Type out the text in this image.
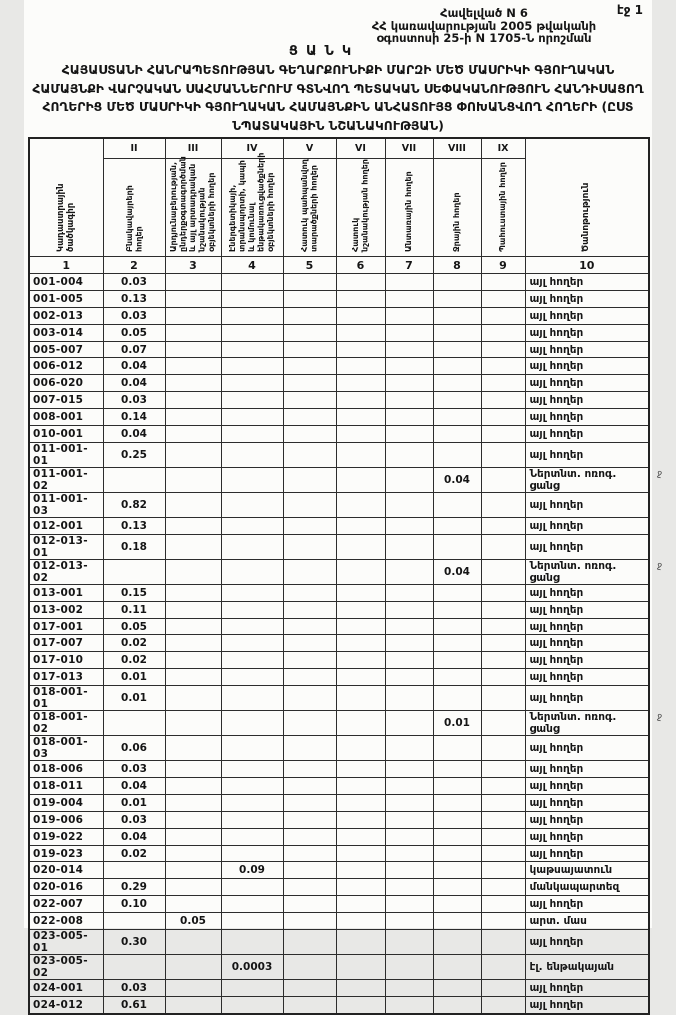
էջ 1
Հավելված N 6
ՀՀ կառավարության 2005 թվականի
օգոստոսի 25-ի N 1705-Ն որոշման
ՑԱՆԿ
ՀԱՅԱՍՏԱՆԻ ՀԱՆՐԱՊԵՏՈՒԹՅԱՆ ԳԵՂԱՐՔՈՒՆԻՔԻ ՄԱՐԶԻ ՄԵԾ ՄԱՍՐԻԿԻ ԳՅՈՒՂԱԿԱՆ
ՀԱՄԱՅՆՔԻ ՎԱՐՉԱԿԱՆ ՍԱՀՄԱՆՆԵՐՈՒՄ ԳՏՆՎՈՂ ՊԵՏԱԿԱՆ ՍԵՓԱԿԱՆՈՒԹՅՈՒՆ ՀԱՆԴԻՍԱՑՈՂ
ՀՈՂԵՐԻՑ ՄԵԾ ՄԱՍՐԻԿԻ ԳՅՈՒՂԱԿԱՆ ՀԱՄԱՅՆՔԻՆ ԱՆՀԱՏՈՒՅՑ ՓՈԽԱՆՑՎՈՂ ՀՈՂԵՐԻ (ԸՍՏ
ՆՊԱՏԱԿԱՅԻՆ ՆՇԱՆԱԿՈՒԹՅԱՆ)
Կադաստրային ծածկագիր	II	III	IV	V	VI	VII	VIII	IX	Ծանոթություն
	Բնակավայրերի հողեր	Արդյունաբերության, ընդերքօգտագործման և այլ արտադրական նշանակության օբյեկտների հողեր	Էներգետիկայի, տրանսպորտի, կապի և կոմունալ ենթակառուցվածքների օբյեկտների հողեր	Հատուկ պահպանվող տարածքների հողեր	Հատուկ նշանակության հողեր	Անտառային հողեր	Ջրային հողեր	Պահուստային հողեր	
1	2	3	4	5	6	7	8	9	10
001-004	0.03								այլ հողեր
001-005	0.13								այլ հողեր
002-013	0.03								այլ հողեր
003-014	0.05								այլ հողեր
005-007	0.07								այլ հողեր
006-012	0.04								այլ հողեր
006-020	0.04								այլ հողեր
007-015	0.03								այլ հողեր
008-001	0.14								այլ հողեր
010-001	0.04								այլ հողեր
011-001-01	0.25								այլ հողեր
011-001-02							0.04		Ներտնտ. ոռոգ. ցանց
ջ

011-001-03	0.82								այլ հողեր
012-001	0.13								այլ հողեր
012-013-01	0.18								այլ հողեր
012-013-02							0.04		Ներտնտ. ոռոգ. ցանց
ջ

013-001	0.15								այլ հողեր
013-002	0.11								այլ հողեր
017-001	0.05								այլ հողեր
017-007	0.02								այլ հողեր
017-010	0.02								այլ հողեր
017-013	0.01								այլ հողեր
018-001-01	0.01								այլ հողեր
018-001-02							0.01		Ներտնտ. ոռոգ. ցանց
ջ

018-001-03	0.06								այլ հողեր
018-006	0.03								այլ հողեր
018-011	0.04								այլ հողեր
019-004	0.01								այլ հողեր
019-006	0.03								այլ հողեր
019-022	0.04								այլ հողեր
019-023	0.02								այլ հողեր
020-014			0.09						կաթսայատուն
020-016	0.29								մանկապարտեզ
022-007	0.10								այլ հողեր
022-008		0.05							արտ. մաս
023-005-01	0.30								այլ հողեր
023-005-02			0.0003						էլ. ենթակայան
024-001	0.03								այլ հողեր
024-012	0.61								այլ հողեր
